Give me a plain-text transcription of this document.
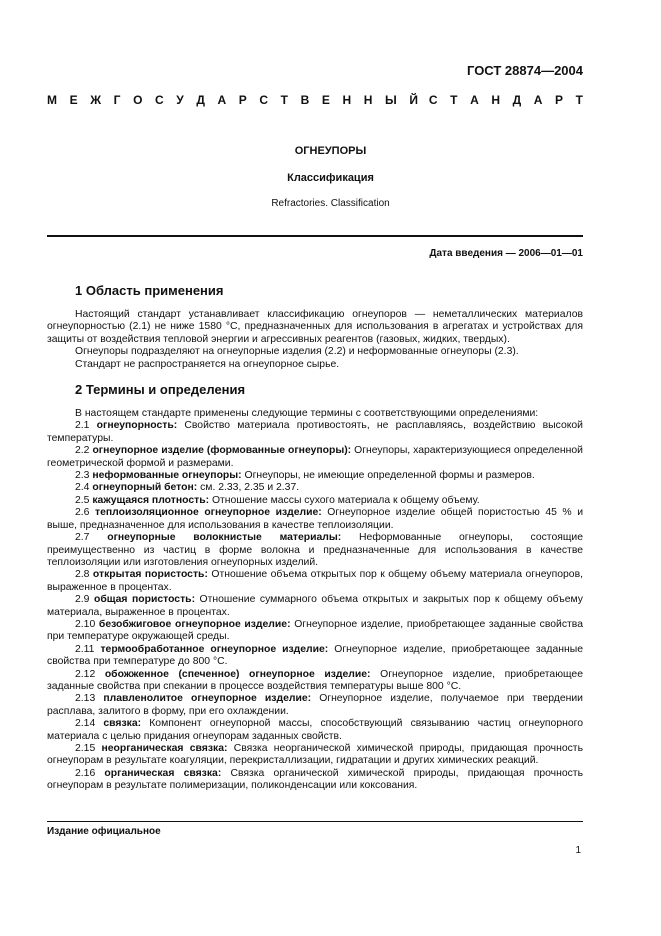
ГОСТ 28874—2004
М Е Ж Г О С У Д А Р С Т В Е Н Н Ы Й С Т А Н Д А Р Т
ОГНЕУПОРЫ
Классификация
Refractories. Classification
Дата введения — 2006—01—01
1 Область применения

Настоящий стандарт устанавливает классификацию огнеупоров — неметаллических материалов огнеупорностью (2.1) не ниже 1580 °С, предназначенных для использования в агрегатах и устройствах для защиты от воздействия тепловой энергии и агрессивных реагентов (газовых, жидких, твердых).

Огнеупоры подразделяют на огнеупорные изделия (2.2) и неформованные огнеупоры (2.3).

Стандарт не распространяется на огнеупорное сырье.

2 Термины и определения

В настоящем стандарте применены следующие термины с соответствующими определениями:

2.1 огнеупорность: Свойство материала противостоять, не расплавляясь, воздействию высокой температуры.

2.2 огнеупорное изделие (формованные огнеупоры): Огнеупоры, характеризующиеся определенной геометрической формой и размерами.

2.3 неформованные огнеупоры: Огнеупоры, не имеющие определенной формы и размеров.

2.4 огнеупорный бетон: см. 2.33, 2.35 и 2.37.

2.5 кажущаяся плотность: Отношение массы сухого материала к общему объему.

2.6 теплоизоляционное огнеупорное изделие: Огнеупорное изделие общей пористостью 45 % и выше, предназначенное для использования в качестве теплоизоляции.

2.7 огнеупорные волокнистые материалы: Неформованные огнеупоры, состоящие преимущественно из частиц в форме волокна и предназначенные для использования в качестве теплоизоляции или изготовления огнеупорных изделий.

2.8 открытая пористость: Отношение объема открытых пор к общему объему материала огнеупоров, выраженное в процентах.

2.9 общая пористость: Отношение суммарного объема открытых и закрытых пор к общему объему материала, выраженное в процентах.

2.10 безобжиговое огнеупорное изделие: Огнеупорное изделие, приобретающее заданные свойства при температуре окружающей среды.

2.11 термообработанное огнеупорное изделие: Огнеупорное изделие, приобретающее заданные свойства при температуре до 800 °С.

2.12 обожженное (спеченное) огнеупорное изделие: Огнеупорное изделие, приобретающее заданные свойства при спекании в процессе воздействия температуры выше 800 °С.

2.13 плавленолитое огнеупорное изделие: Огнеупорное изделие, получаемое при твердении расплава, залитого в форму, при его охлаждении.

2.14 связка: Компонент огнеупорной массы, способствующий связыванию частиц огнеупорного материала с целью придания огнеупорам заданных свойств.

2.15 неорганическая связка: Связка неорганической химической природы, придающая прочность огнеупорам в результате коагуляции, перекристаллизации, гидратации и других химических реакций.

2.16 органическая связка: Связка органической химической природы, придающая прочность огнеупорам в результате полимеризации, поликонденсации или коксования.

Издание официальное
1
